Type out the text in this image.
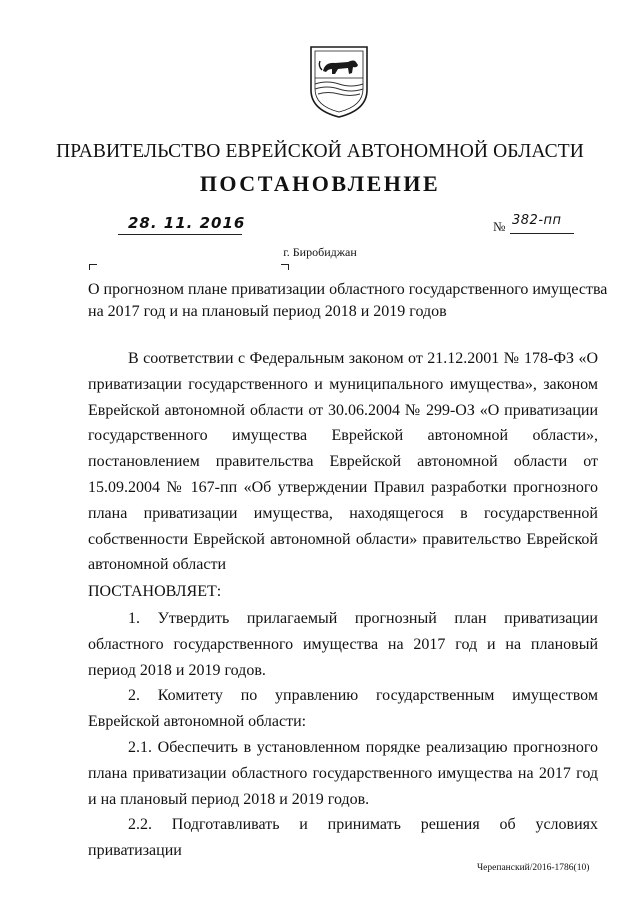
ПРАВИТЕЛЬСТВО ЕВРЕЙСКОЙ АВТОНОМНОЙ ОБЛАСТИ
ПОСТАНОВЛЕНИЕ
28. 11. 2016	№ 382-пп
г. Биробиджан
О прогнозном плане приватизации областного государственного имущества на 2017 год и на плановый период 2018 и 2019 годов
В соответствии с Федеральным законом от 21.12.2001 № 178-ФЗ «О приватизации государственного и муниципального имущества», законом Еврейской автономной области от 30.06.2004 № 299-ОЗ «О приватизации государственного имущества Еврейской автономной области», постановлением правительства Еврейской автономной области от 15.09.2004 № 167-пп «Об утверждении Правил разработки прогнозного плана приватизации имущества, находящегося в государственной собственности Еврейской автономной области» правительство Еврейской автономной области
ПОСТАНОВЛЯЕТ:

1. Утвердить прилагаемый прогнозный план приватизации областного государственного имущества на 2017 год и на плановый период 2018 и 2019 годов.

2. Комитету по управлению государственным имуществом Еврейской автономной области:

2.1. Обеспечить в установленном порядке реализацию прогнозного плана приватизации областного государственного имущества на 2017 год и на плановый период 2018 и 2019 годов.

2.2. Подготавливать и принимать решения об условиях приватизации

Черепанский/2016-1786(10)
